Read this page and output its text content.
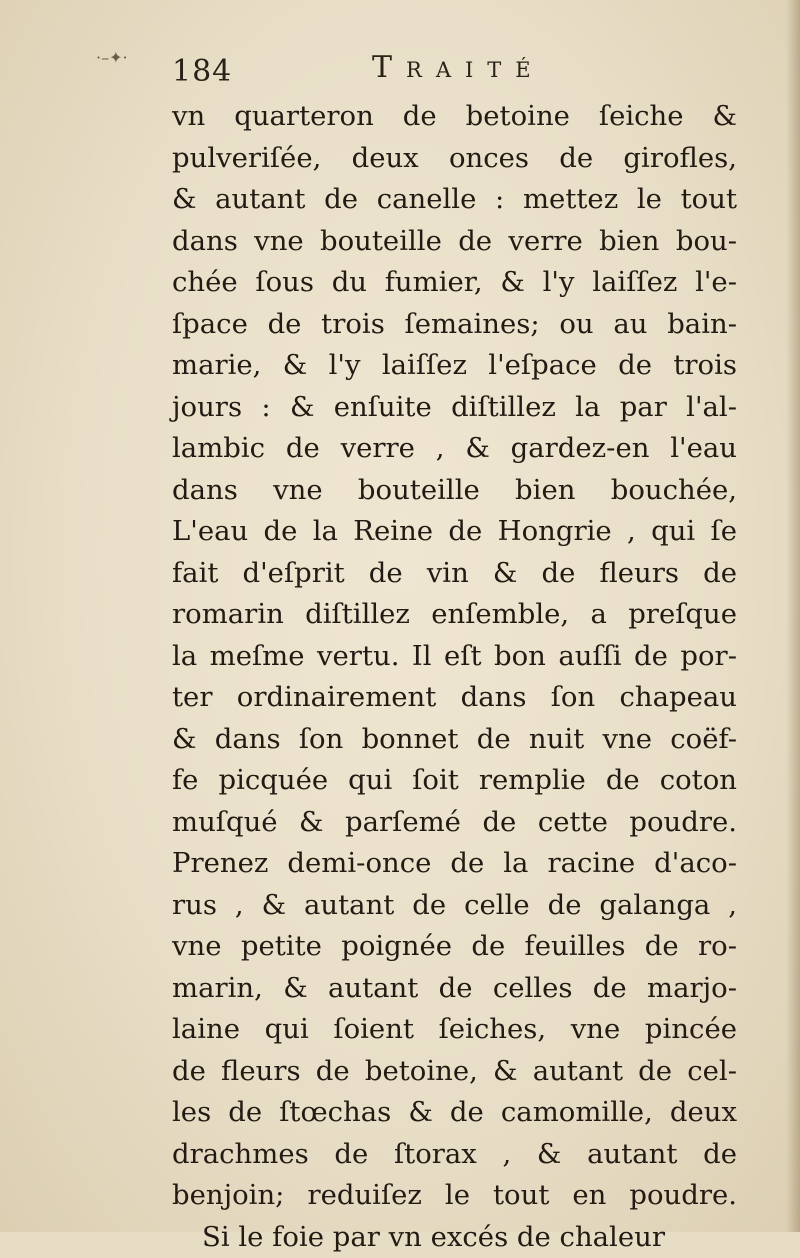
·–✦· 184	Traité
vn quarteron de betoine ſeiche &
pulveriſée, deux onces de girofles,
& autant de canelle : mettez le tout
dans vne bouteille de verre bien bou-
chée ſous du fumier, & l'y laiſſez l'e-
ſpace de trois ſemaines; ou au bain-
marie, & l'y laiſſez l'eſpace de trois
jours : & enſuite diſtillez la par l'al-
lambic de verre , & gardez-en l'eau
dans vne bouteille bien bouchée,
L'eau de la Reine de Hongrie , qui ſe
fait d'eſprit de vin & de fleurs de
romarin diſtillez enſemble, a preſque
la meſme vertu. Il eſt bon auſſi de por-
ter ordinairement dans ſon chapeau
& dans ſon bonnet de nuit vne coëf-
fe picquée qui ſoit remplie de coton
muſqué & parſemé de cette poudre.
Prenez demi-once de la racine d'aco-
rus , & autant de celle de galanga ,
vne petite poignée de feuilles de ro-
marin, & autant de celles de marjo-
laine qui ſoient ſeiches, vne pincée
de fleurs de betoine, & autant de cel-
les de ſtœchas & de camomille, deux
drachmes de ſtorax , & autant de
benjoin; reduiſez le tout en poudre.
Si le foie par vn excés de chaleur
